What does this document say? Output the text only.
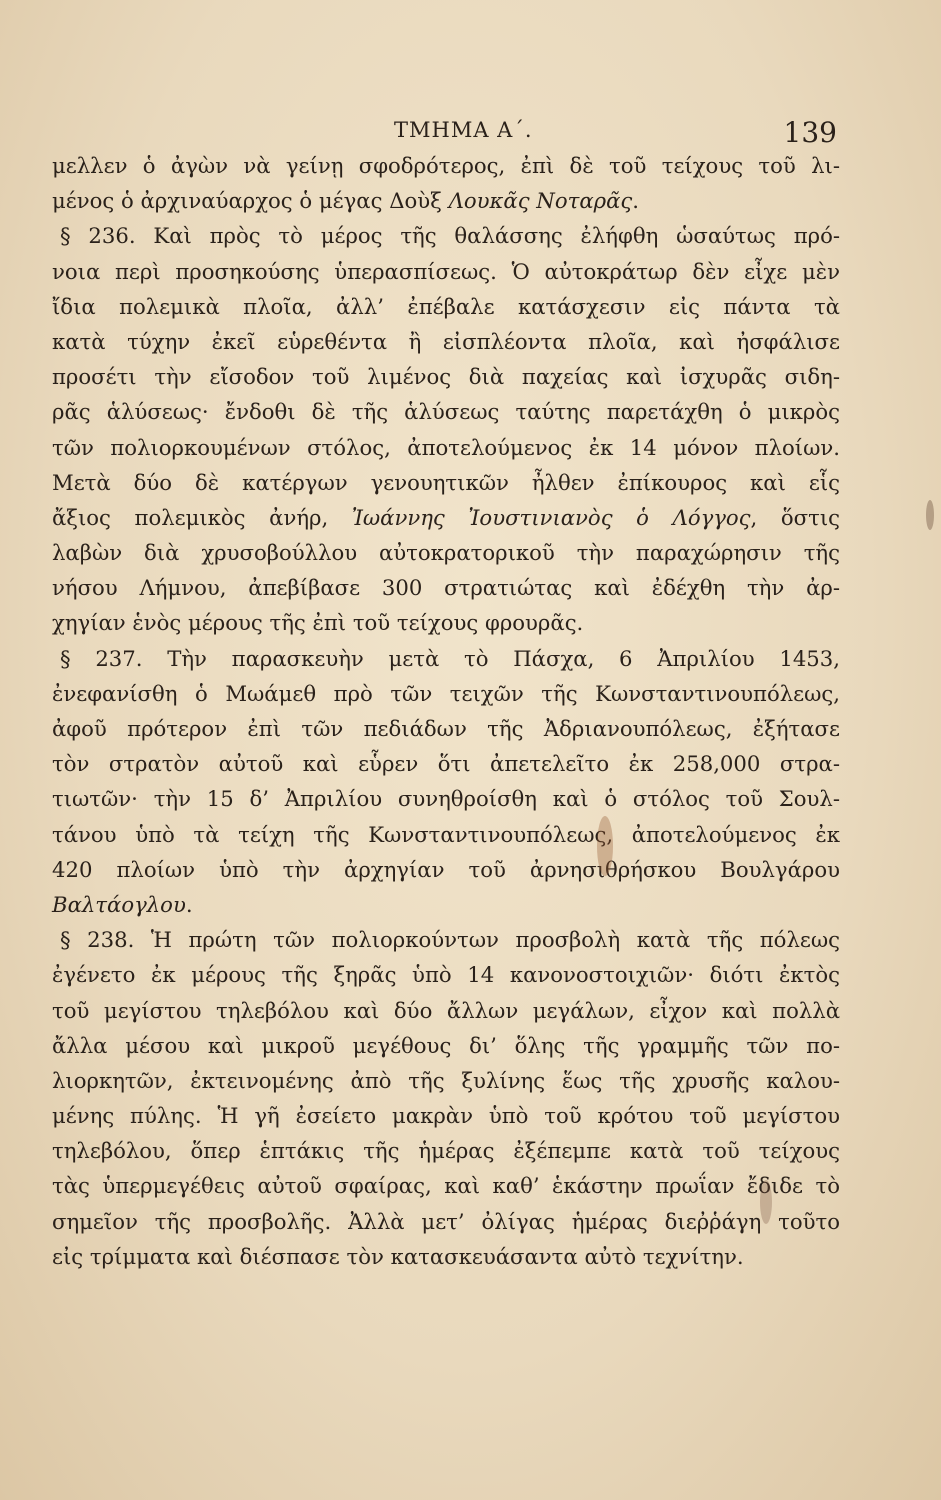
ΤΜΗΜΑ Α΄.	139
μελλεν ὁ ἀγὼν νὰ γείνῃ σφοδρότερος, ἐπὶ δὲ τοῦ τείχους τοῦ λι-
μένος ὁ ἀρχιναύαρχος ὁ μέγας Δοὺξ Λουκᾶς Νοταρᾶς.
§ 236. Καὶ πρὸς τὸ μέρος τῆς θαλάσσης ἐλήφθη ὡσαύτως πρό-
νοια περὶ προσηκούσης ὑπερασπίσεως. Ὁ αὐτοκράτωρ δὲν εἶχε μὲν
ἴδια πολεμικὰ πλοῖα, ἀλλ’ ἐπέβαλε κατάσχεσιν εἰς πάντα τὰ
κατὰ τύχην ἐκεῖ εὑρεθέντα ἢ εἰσπλέοντα πλοῖα, καὶ ἠσφάλισε
προσέτι τὴν εἴσοδον τοῦ λιμένος διὰ παχείας καὶ ἰσχυρᾶς σιδη-
ρᾶς ἁλύσεως· ἔνδοθι δὲ τῆς ἁλύσεως ταύτης παρετάχθη ὁ μικρὸς
τῶν πολιορκουμένων στόλος, ἀποτελούμενος ἐκ 14 μόνον πλοίων.
Μετὰ δύο δὲ κατέργων γενουητικῶν ἦλθεν ἐπίκουρος καὶ εἷς
ἄξιος πολεμικὸς ἀνήρ, Ἰωάννης Ἰουστινιανὸς ὁ Λόγγος, ὅστις
λαβὼν διὰ χρυσοβούλλου αὐτοκρατορικοῦ τὴν παραχώρησιν τῆς
νήσου Λήμνου, ἀπεβίβασε 300 στρατιώτας καὶ ἐδέχθη τὴν ἀρ-
χηγίαν ἑνὸς μέρους τῆς ἐπὶ τοῦ τείχους φρουρᾶς.
§ 237. Τὴν παρασκευὴν μετὰ τὸ Πάσχα, 6 Ἀπριλίου 1453,
ἐνεφανίσθη ὁ Μωάμεθ πρὸ τῶν τειχῶν τῆς Κωνσταντινουπόλεως,
ἀφοῦ πρότερον ἐπὶ τῶν πεδιάδων τῆς Ἀδριανουπόλεως, ἐξήτασε
τὸν στρατὸν αὐτοῦ καὶ εὗρεν ὅτι ἀπετελεῖτο ἐκ 258,000 στρα-
τιωτῶν· τὴν 15 δ’ Ἀπριλίου συνηθροίσθη καὶ ὁ στόλος τοῦ Σουλ-
τάνου ὑπὸ τὰ τείχη τῆς Κωνσταντινουπόλεως, ἀποτελούμενος ἐκ
420 πλοίων ὑπὸ τὴν ἀρχηγίαν τοῦ ἀρνησιθρήσκου Βουλγάρου
Βαλτάογλου.
§ 238. Ἡ πρώτη τῶν πολιορκούντων προσβολὴ κατὰ τῆς πόλεως
ἐγένετο ἐκ μέρους τῆς ξηρᾶς ὑπὸ 14 κανονοστοιχιῶν· διότι ἐκτὸς
τοῦ μεγίστου τηλεβόλου καὶ δύο ἄλλων μεγάλων, εἶχον καὶ πολλὰ
ἄλλα μέσου καὶ μικροῦ μεγέθους δι’ ὅλης τῆς γραμμῆς τῶν πο-
λιορκητῶν, ἐκτεινομένης ἀπὸ τῆς ξυλίνης ἕως τῆς χρυσῆς καλου-
μένης πύλης. Ἡ γῆ ἐσείετο μακρὰν ὑπὸ τοῦ κρότου τοῦ μεγίστου
τηλεβόλου, ὅπερ ἑπτάκις τῆς ἡμέρας ἐξέπεμπε κατὰ τοῦ τείχους
τὰς ὑπερμεγέθεις αὐτοῦ σφαίρας, καὶ καθ’ ἑκάστην πρωΐαν ἔδιδε τὸ
σημεῖον τῆς προσβολῆς. Ἀλλὰ μετ’ ὀλίγας ἡμέρας διεῤῥάγη τοῦτο
εἰς τρίμματα καὶ διέσπασε τὸν κατασκευάσαντα αὐτὸ τεχνίτην.
